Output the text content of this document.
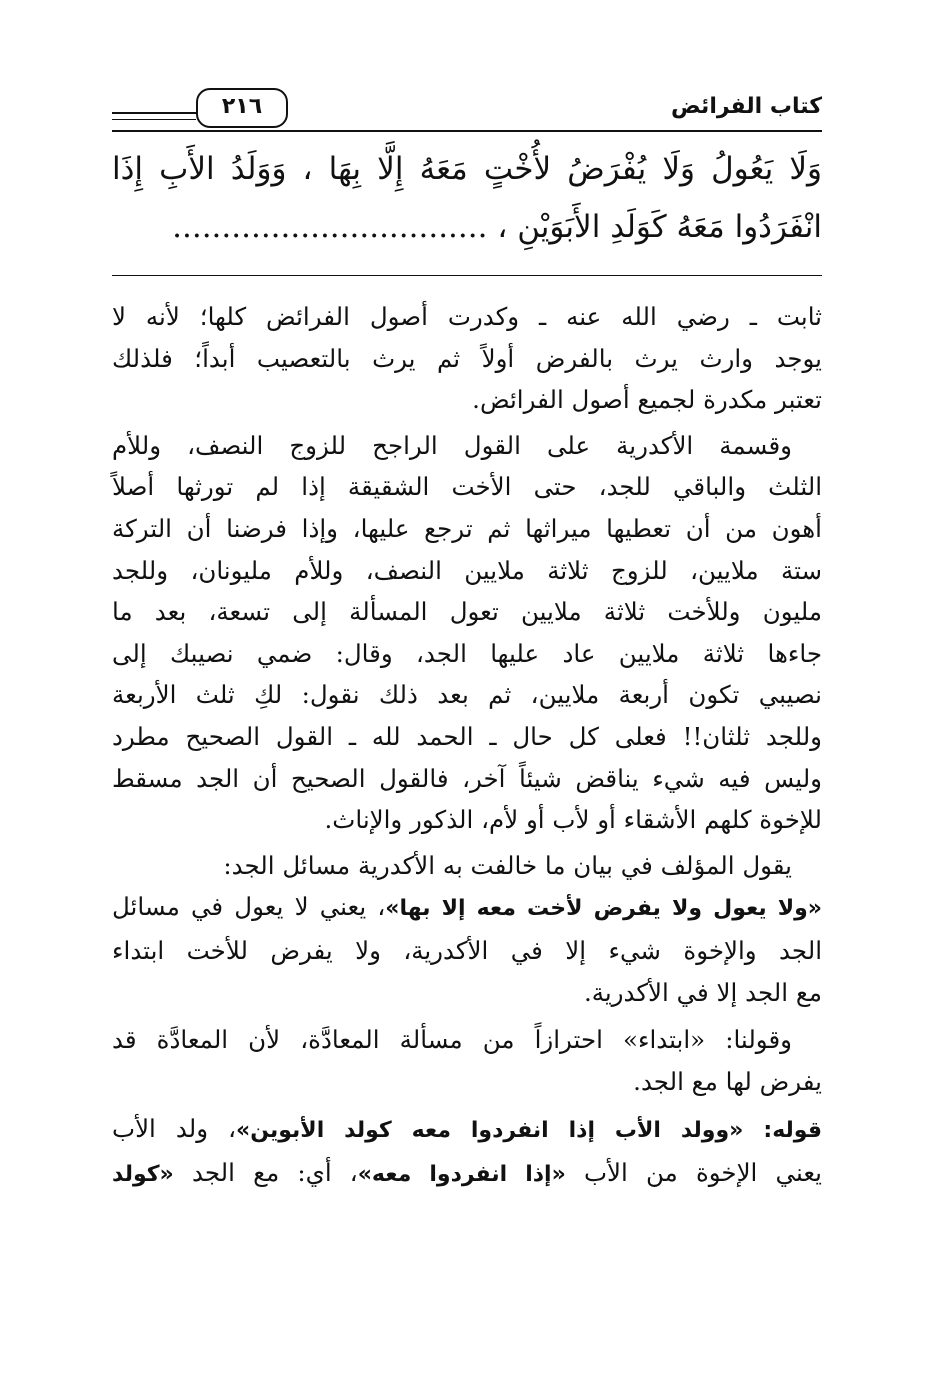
٢١٦	كتاب الفرائض
وَلَا يَعُولُ وَلَا يُفْرَضُ لأُخْتٍ مَعَهُ إِلَّا بِهَا ، وَوَلَدُ الأَبِ إِذَا
انْفَرَدُوا مَعَهُ كَوَلَدِ الأَبَوَيْنِ ، ................................

ثابت ـ رضي الله عنه ـ وكدرت أصول الفرائض كلها؛ لأنه لا
يوجد وارث يرث بالفرض أولاً ثم يرث بالتعصيب أبداً؛ فلذلك
تعتبر مكدرة لجميع أصول الفرائض.

وقسمة الأكدرية على القول الراجح للزوج النصف، وللأم
الثلث والباقي للجد، حتى الأخت الشقيقة إذا لم تورثها أصلاً
أهون من أن تعطيها ميراثها ثم ترجع عليها، وإذا فرضنا أن التركة
ستة ملايين، للزوج ثلاثة ملايين النصف، وللأم مليونان، وللجد
مليون وللأخت ثلاثة ملايين تعول المسألة إلى تسعة، بعد ما
جاءها ثلاثة ملايين عاد عليها الجد، وقال: ضمي نصيبك إلى
نصيبي تكون أربعة ملايين، ثم بعد ذلك نقول: لكِ ثلث الأربعة
وللجد ثلثان!! فعلى كل حال ـ الحمد لله ـ القول الصحيح مطرد
وليس فيه شيء يناقض شيئاً آخر، فالقول الصحيح أن الجد مسقط
للإخوة كلهم الأشقاء أو لأب أو لأم، الذكور والإناث.

يقول المؤلف في بيان ما خالفت به الأكدرية مسائل الجد:

«ولا يعول ولا يفرض لأخت معه إلا بها»، يعني لا يعول في مسائل
الجد والإخوة شيء إلا في الأكدرية، ولا يفرض للأخت ابتداء
مع الجد إلا في الأكدرية.

وقولنا: «ابتداء» احترازاً من مسألة المعادَّة، لأن المعادَّة قد
يفرض لها مع الجد.

قوله: «وولد الأب إذا انفردوا معه كولد الأبوين»، ولد الأب
يعني الإخوة من الأب «إذا انفردوا معه»، أي: مع الجد «كولد
